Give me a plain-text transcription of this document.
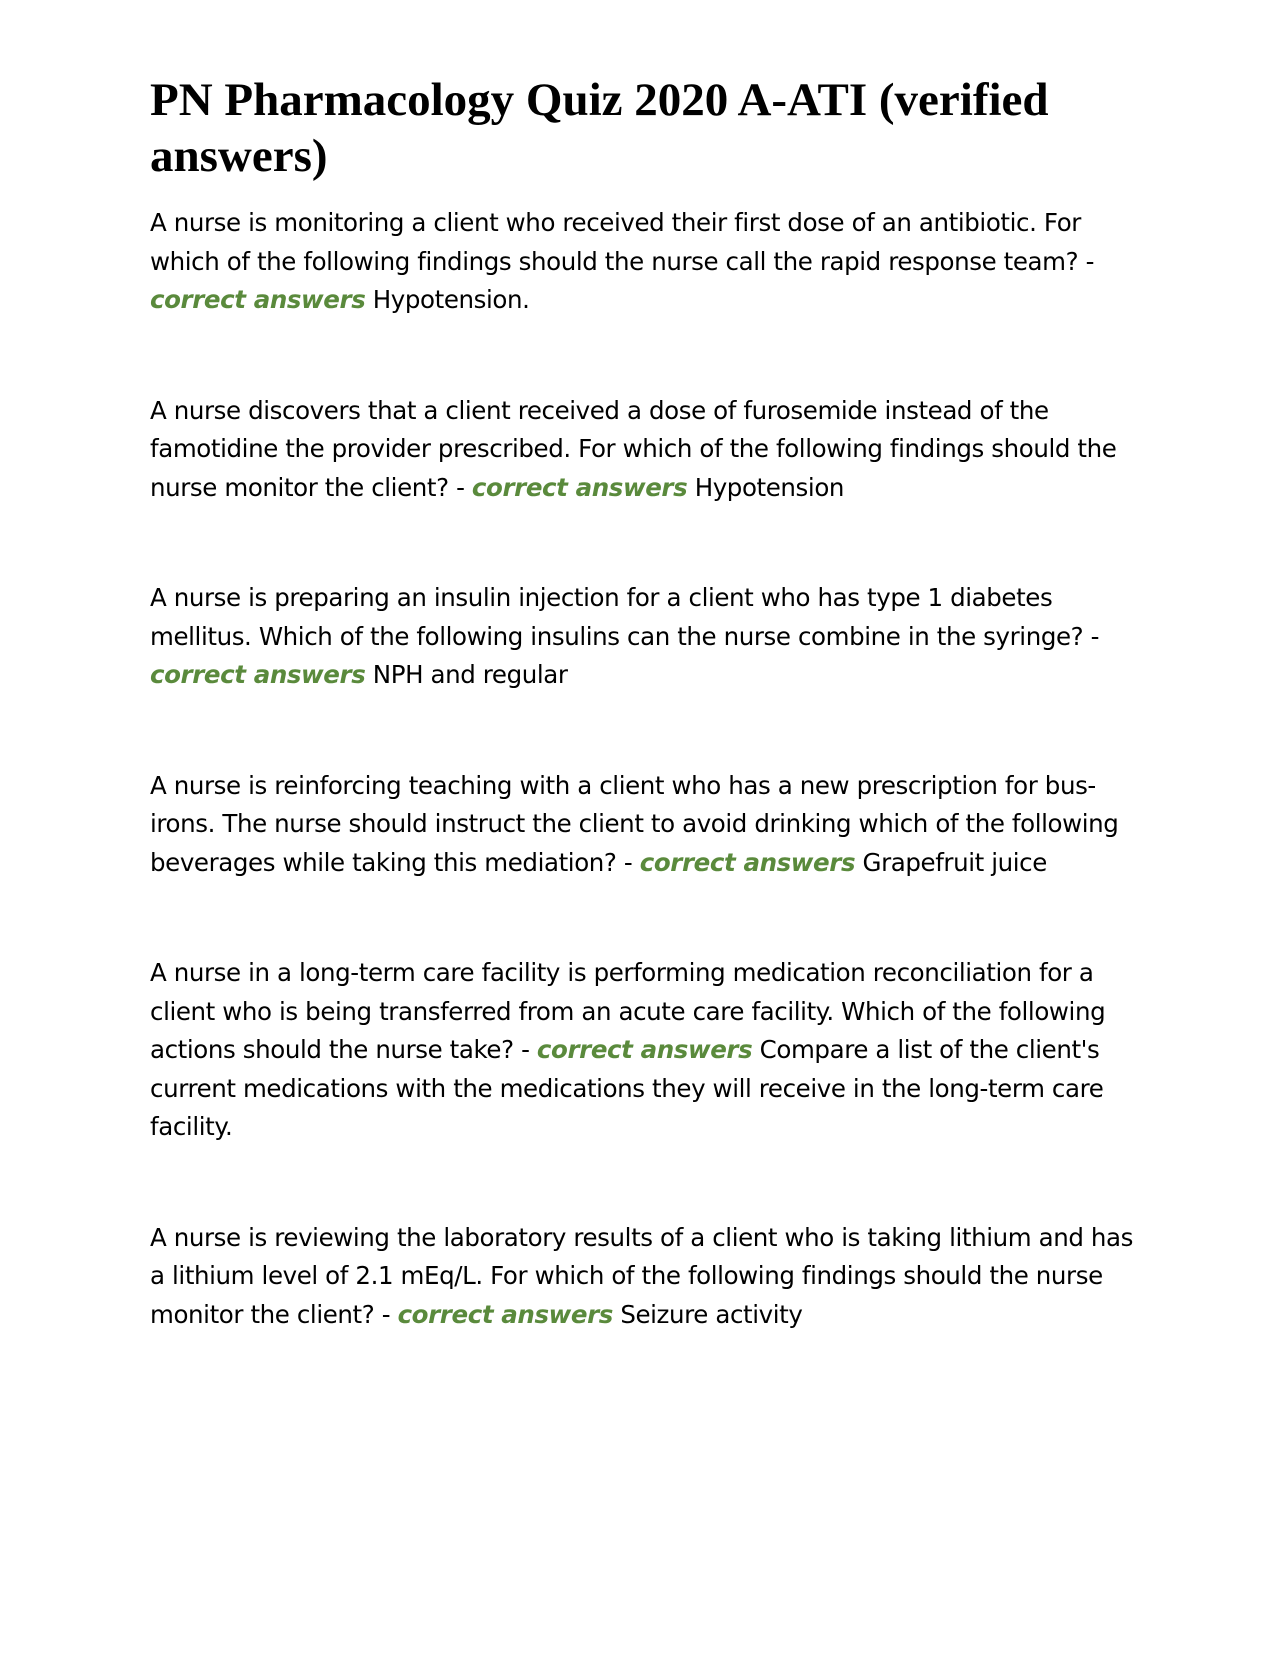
PN Pharmacology Quiz 2020 A-ATI (verified answers)

A nurse is monitoring a client who received their first dose of an antibiotic. For which of the following findings should the nurse call the rapid response team? - correct answers Hypotension.

A nurse discovers that a client received a dose of furosemide instead of the famotidine the provider prescribed. For which of the following findings should the nurse monitor the client? - correct answers Hypotension

A nurse is preparing an insulin injection for a client who has type 1 diabetes mellitus. Which of the following insulins can the nurse combine in the syringe? - correct answers NPH and regular

A nurse is reinforcing teaching with a client who has a new prescription for bus-irons. The nurse should instruct the client to avoid drinking which of the following beverages while taking this mediation? - correct answers Grapefruit juice

A nurse in a long-term care facility is performing medication reconciliation for a client who is being transferred from an acute care facility. Which of the following actions should the nurse take? - correct answers Compare a list of the client's current medications with the medications they will receive in the long-term care facility.

A nurse is reviewing the laboratory results of a client who is taking lithium and has a lithium level of 2.1 mEq/L. For which of the following findings should the nurse monitor the client? - correct answers Seizure activity
